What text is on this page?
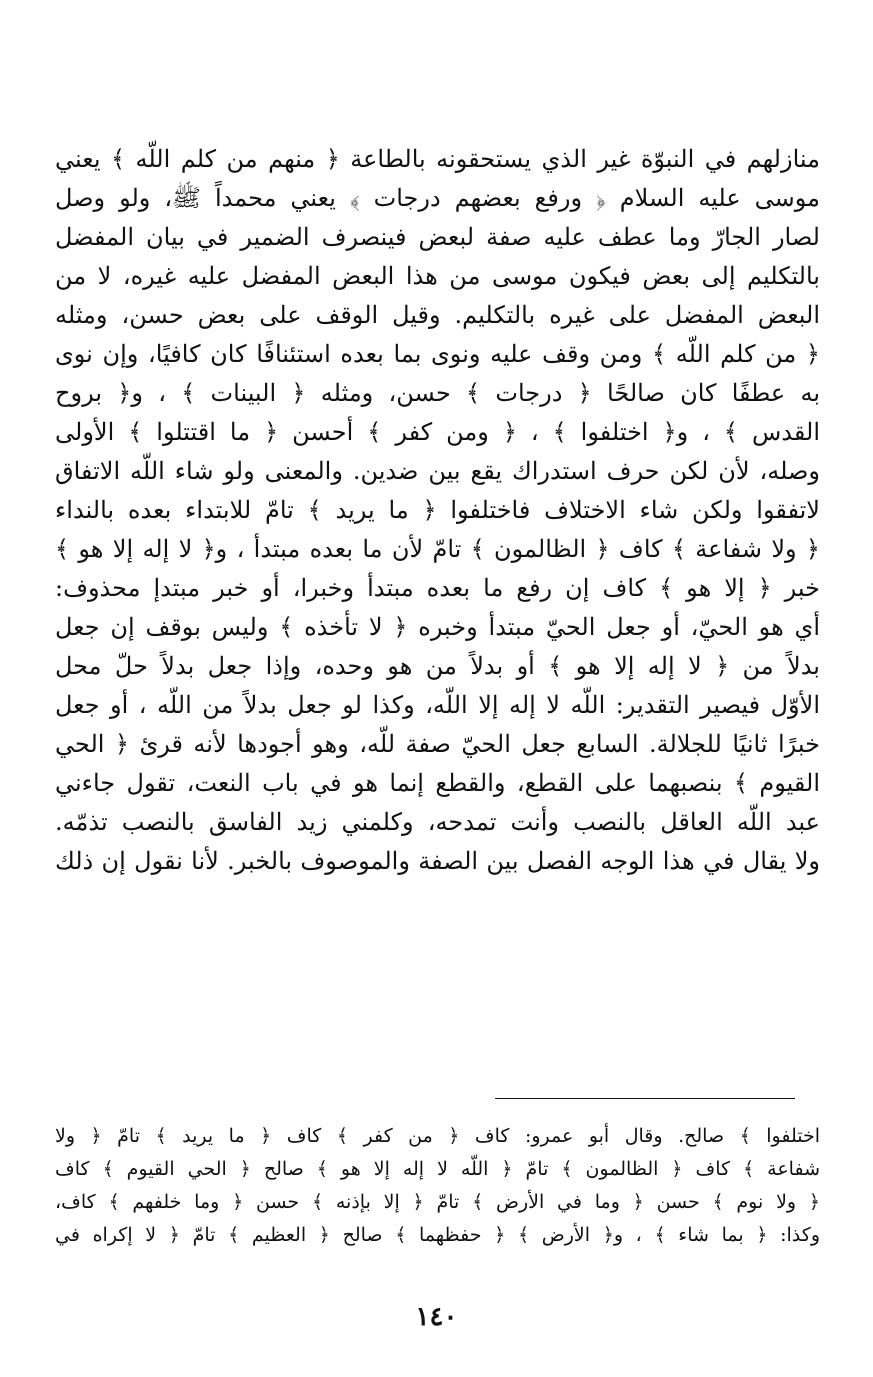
منازلهم في النبوّة غير الذي يستحقونه بالطاعة ﴿ منهم من كلم اللّه ﴾ يعني

موسى عليه السلام ﴿ ورفع بعضهم درجات ﴾ يعني محمداً ﷺ، ولو وصل

لصار الجارّ وما عطف عليه صفة لبعض فينصرف الضمير في بيان المفضل

بالتكليم إلى بعض فيكون موسى من هذا البعض المفضل عليه غيره، لا من

البعض المفضل على غيره بالتكليم. وقيل الوقف على بعض حسن، ومثله

﴿ من كلم اللّه ﴾ ومن وقف عليه ونوى بما بعده استئنافًا كان كافيًا، وإن نوى

به عطفًا كان صالحًا ﴿ درجات ﴾ حسن، ومثله ﴿ البينات ﴾ ، و﴿ بروح

القدس ﴾ ، و﴿ اختلفوا ﴾ ، ﴿ ومن كفر ﴾ أحسن ﴿ ما اقتتلوا ﴾ الأولى

وصله، لأن لكن حرف استدراك يقع بين ضدين. والمعنى ولو شاء اللّه الاتفاق

لاتفقوا ولكن شاء الاختلاف فاختلفوا ﴿ ما يريد ﴾ تامّ للابتداء بعده بالنداء

﴿ ولا شفاعة ﴾ كاف ﴿ الظالمون ﴾ تامّ لأن ما بعده مبتدأ ، و﴿ لا إله إلا هو ﴾

خبر ﴿ إلا هو ﴾ كاف إن رفع ما بعده مبتدأ وخبرا، أو خبر مبتدإ محذوف:

أي هو الحيّ، أو جعل الحيّ مبتدأ وخبره ﴿ لا تأخذه ﴾ وليس بوقف إن جعل

بدلاً من ﴿ لا إله إلا هو ﴾ أو بدلاً من هو وحده، وإذا جعل بدلاً حلّ محل

الأوّل فيصير التقدير: اللّه لا إله إلا اللّه، وكذا لو جعل بدلاً من اللّه ، أو جعل

خبرًا ثانيًا للجلالة. السابع جعل الحيّ صفة للّه، وهو أجودها لأنه قرئ ﴿ الحي

القيوم ﴾ بنصبهما على القطع، والقطع إنما هو في باب النعت، تقول جاءني

عبد اللّه العاقل بالنصب وأنت تمدحه، وكلمني زيد الفاسق بالنصب تذمّه.

ولا يقال في هذا الوجه الفصل بين الصفة والموصوف بالخبر. لأنا نقول إن ذلك

اختلفوا ﴾ صالح. وقال أبو عمرو: كاف ﴿ من كفر ﴾ كاف ﴿ ما يريد ﴾ تامّ ﴿ ولا

شفاعة ﴾ كاف ﴿ الظالمون ﴾ تامّ ﴿ اللّه لا إله إلا هو ﴾ صالح ﴿ الحي القيوم ﴾ كاف

﴿ ولا نوم ﴾ حسن ﴿ وما في الأرض ﴾ تامّ ﴿ إلا بإذنه ﴾ حسن ﴿ وما خلفهم ﴾ كاف،

وكذا: ﴿ بما شاء ﴾ ، و﴿ الأرض ﴾ ﴿ حفظهما ﴾ صالح ﴿ العظيم ﴾ تامّ ﴿ لا إكراه في

١٤٠
